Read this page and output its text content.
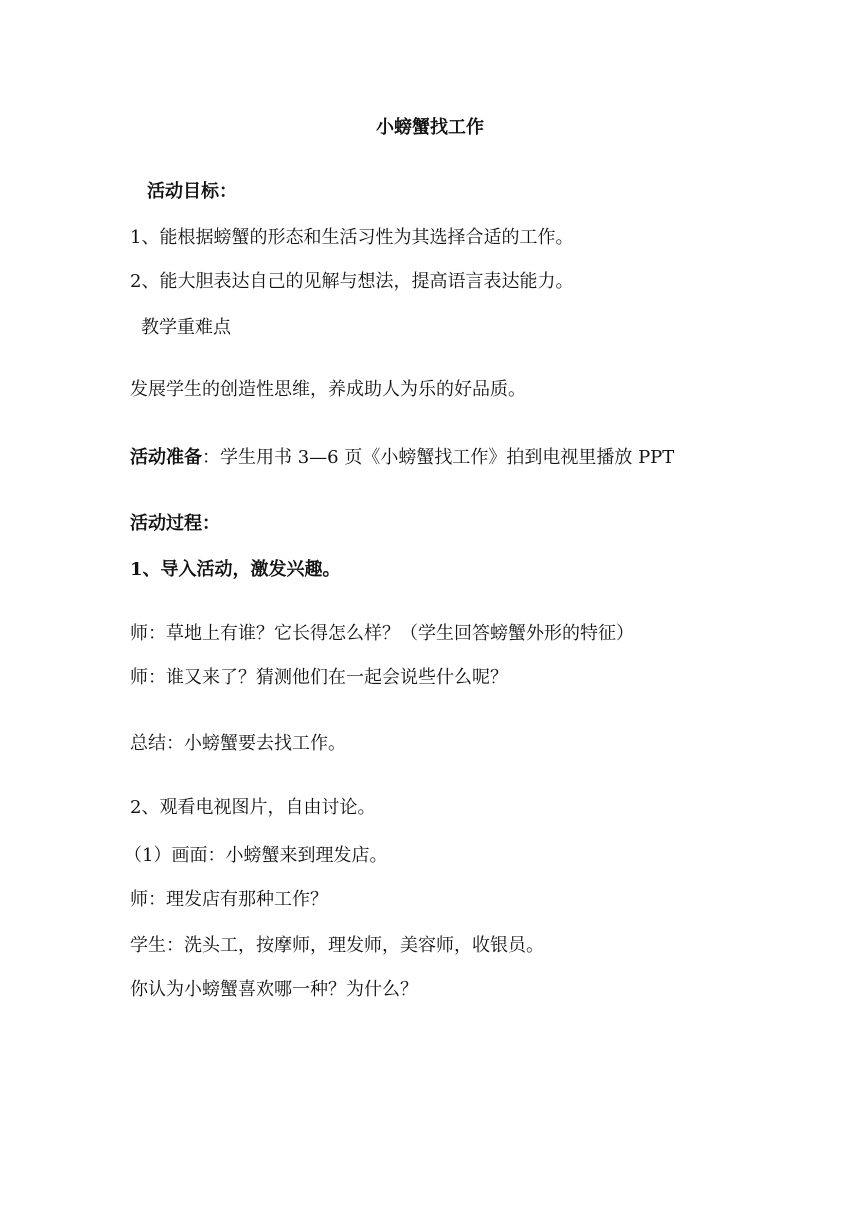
小螃蟹找工作
活动目标：
1、能根据螃蟹的形态和生活习性为其选择合适的工作。
2、能大胆表达自己的见解与想法，提高语言表达能力。
教学重难点
发展学生的创造性思维，养成助人为乐的好品质。
活动准备：学生用书 3—6 页《小螃蟹找工作》拍到电视里播放 PPT
活动过程：
1、导入活动，激发兴趣。
师：草地上有谁？它长得怎么样？（学生回答螃蟹外形的特征）
师：谁又来了？猜测他们在一起会说些什么呢？
总结：小螃蟹要去找工作。
2、观看电视图片，自由讨论。
（1）画面：小螃蟹来到理发店。
师：理发店有那种工作？
学生：洗头工，按摩师，理发师，美容师，收银员。
你认为小螃蟹喜欢哪一种？为什么？
